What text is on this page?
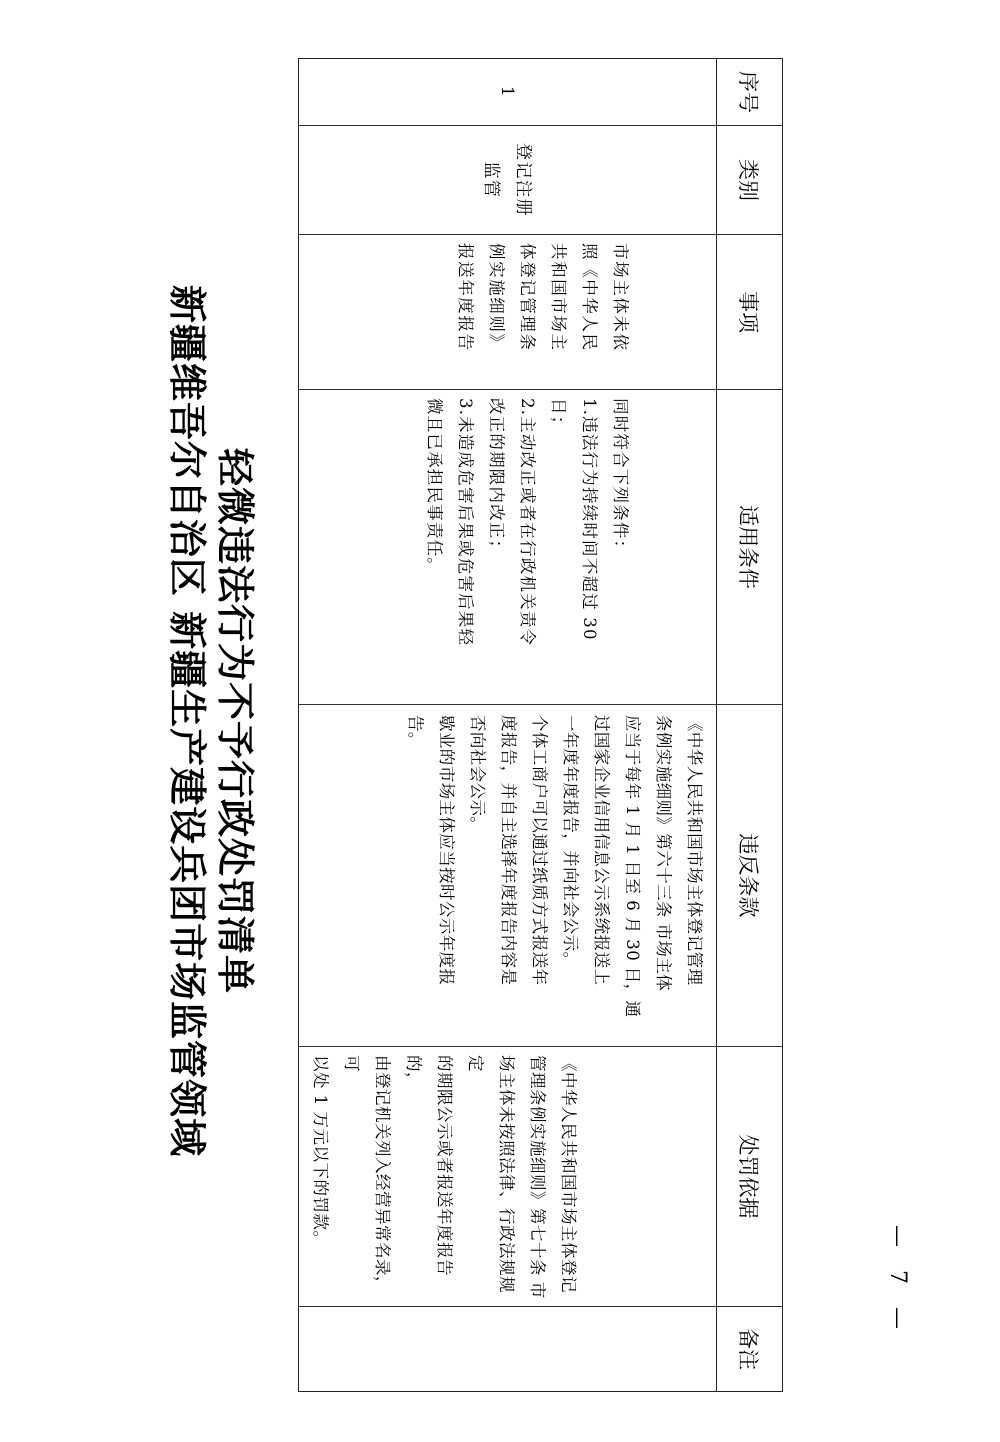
新疆维吾尔自治区 新疆生产建设兵团市场监管领域 轻微违法行为不予行政处罚清单
序号
类别
事项
适用条件
违反条款
处罚依据
备注
1
登记注册
监管
市场主体未依
照《中华人民
共和国市场主
体登记管理条
例实施细则》
报送年度报告
同时符合下列条件：
1.违法行为持续时间不超过 30
日；
2.主动改正或者在行政机关责令
改正的期限内改正；
3.未造成危害后果或危害后果轻
微且已承担民事责任。
《中华人民共和国市场主体登记管理
条例实施细则》第六十三条 市场主体
应当于每年 1 月 1 日至 6 月 30 日，通
过国家企业信用信息公示系统报送上
一年度年度报告，并向社会公示。
个体工商户可以通过纸质方式报送年
度报告，并自主选择年度报告内容是
否向社会公示。
歇业的市场主体应当按时公示年度报
告。
《中华人民共和国市场主体登记
管理条例实施细则》第七十条 市
场主体未按照法律、行政法规规定
的期限公示或者报送年度报告的，
由登记机关列入经营异常名录，可
以处 1 万元以下的罚款。
— 7 —
